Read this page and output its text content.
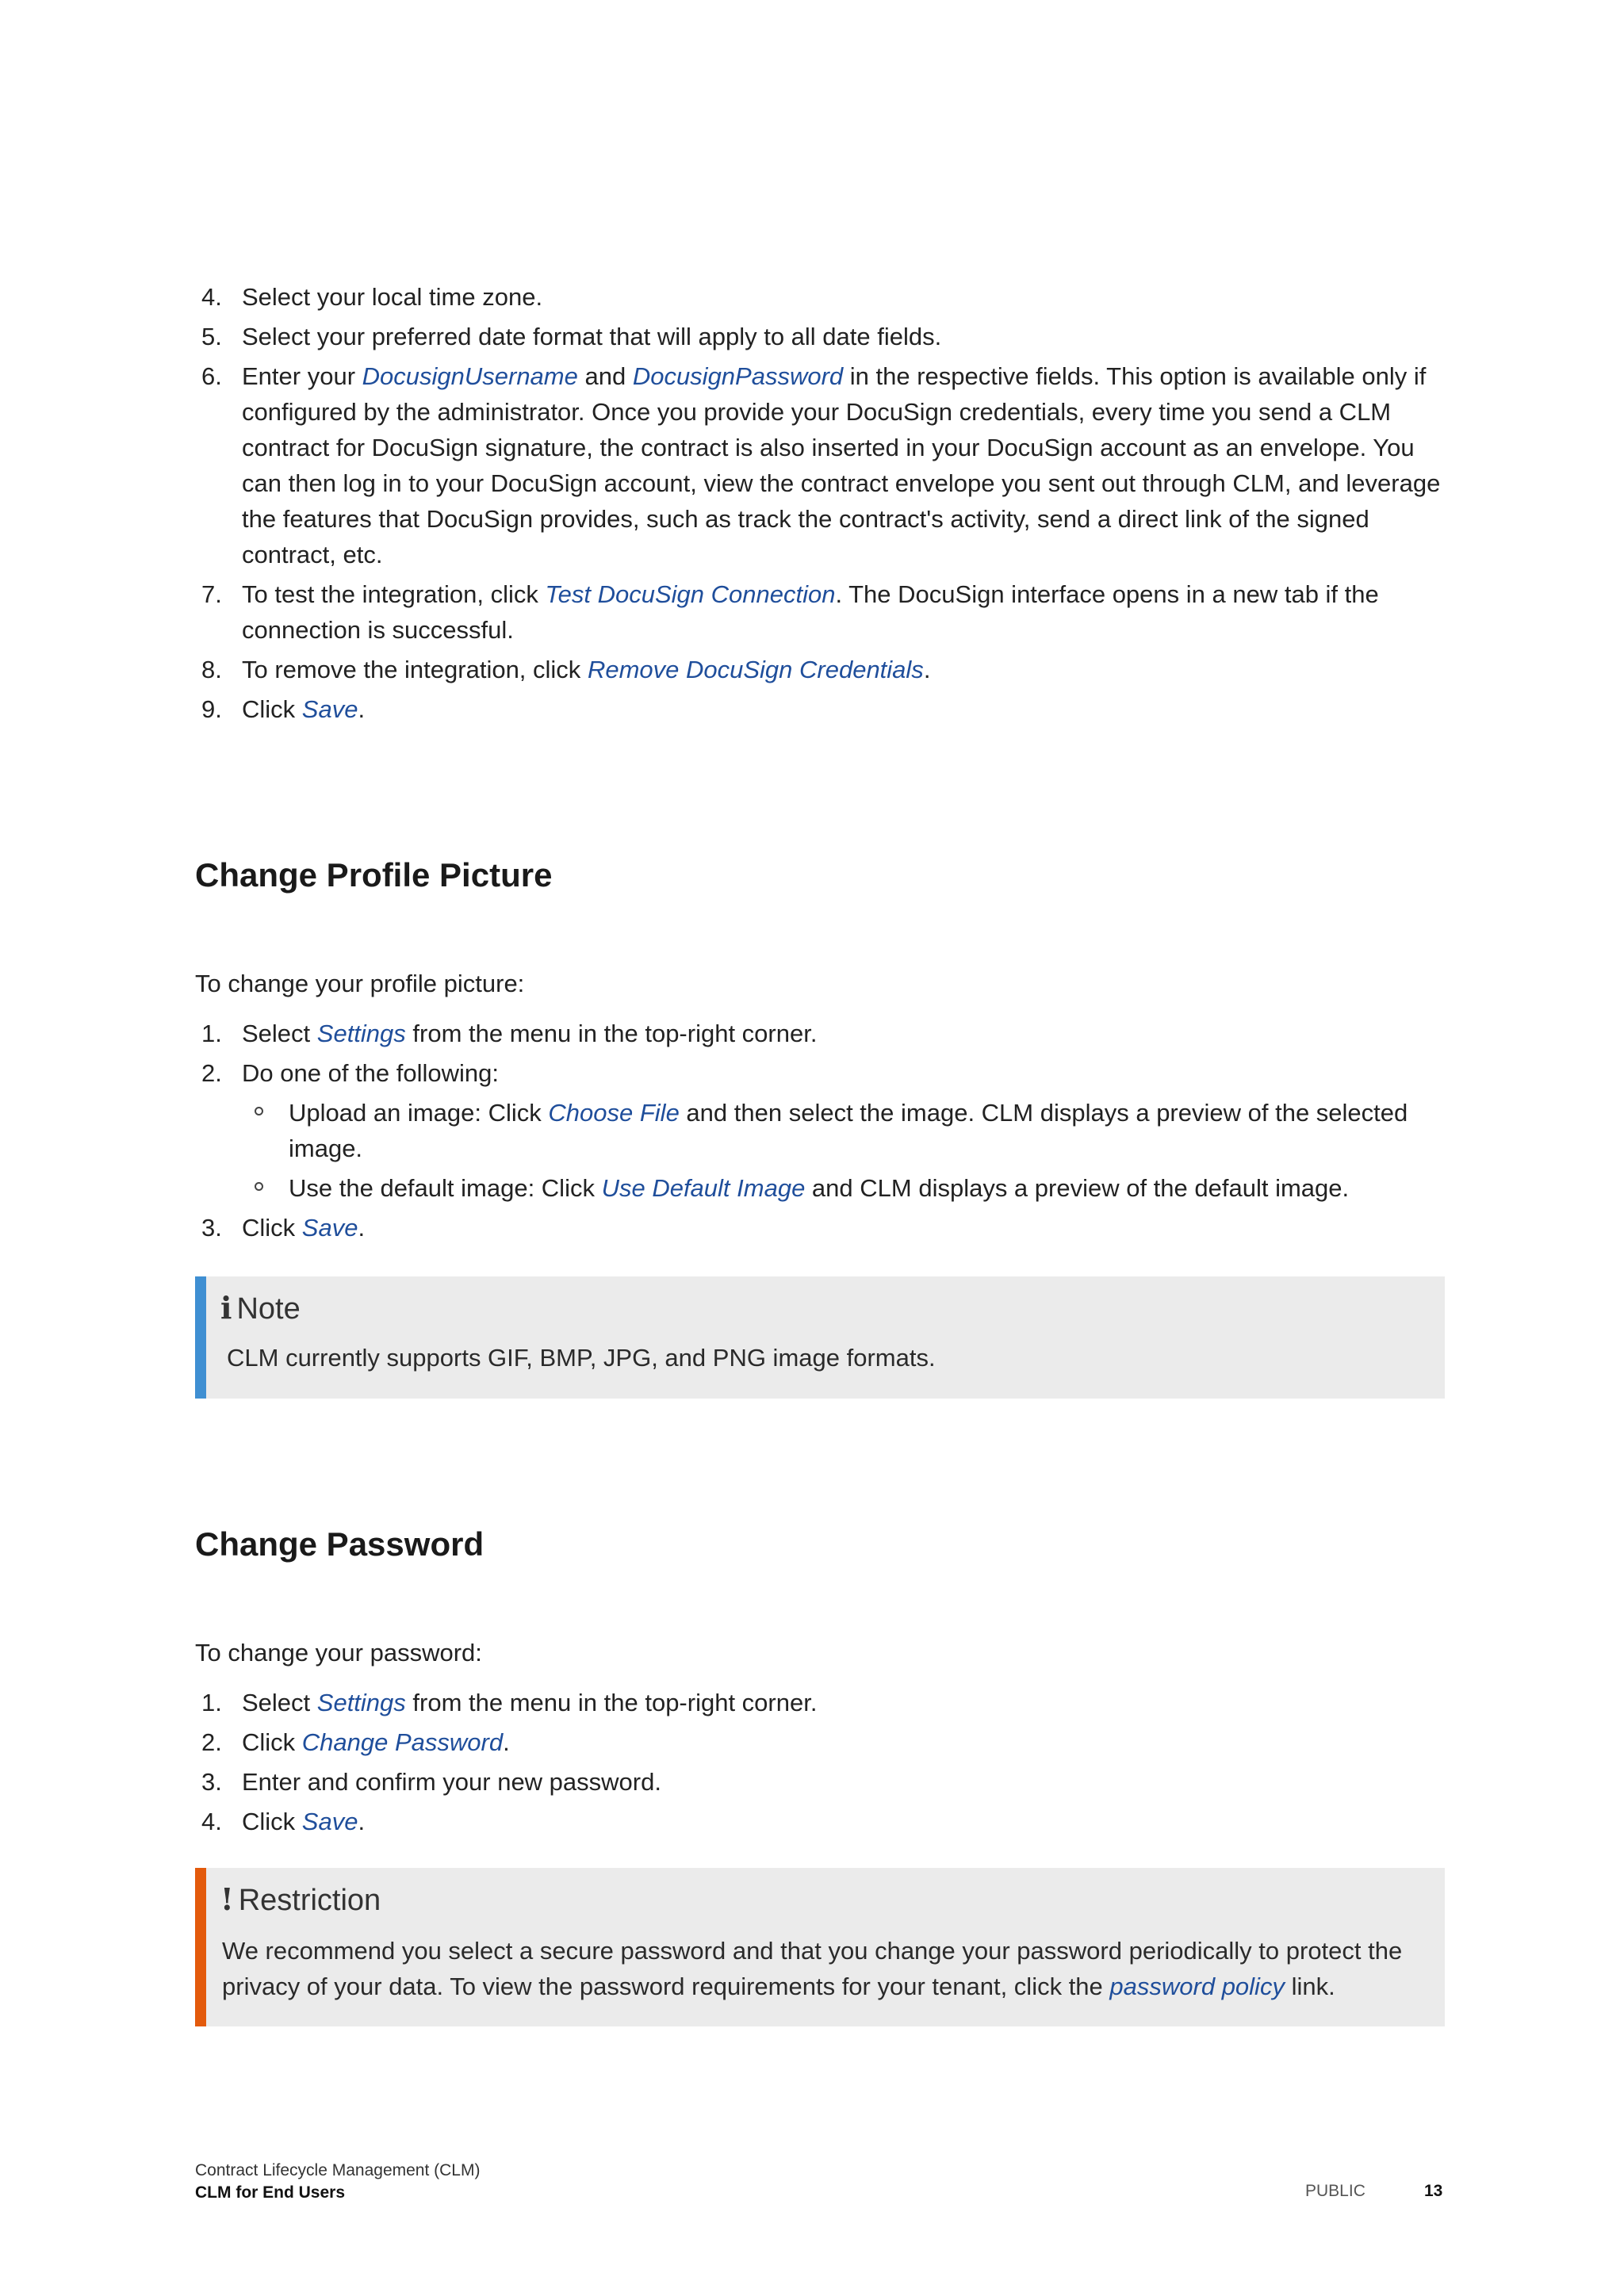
4. Select your local time zone.
5. Select your preferred date format that will apply to all date fields.
6. Enter your DocusignUsername and DocusignPassword in the respective fields. This option is available only if configured by the administrator. Once you provide your DocuSign credentials, every time you send a CLM contract for DocuSign signature, the contract is also inserted in your DocuSign account as an envelope. You can then log in to your DocuSign account, view the contract envelope you sent out through CLM, and leverage the features that DocuSign provides, such as track the contract's activity, send a direct link of the signed contract, etc.
7. To test the integration, click Test DocuSign Connection. The DocuSign interface opens in a new tab if the connection is successful.
8. To remove the integration, click Remove DocuSign Credentials.
9. Click Save.
Change Profile Picture
To change your profile picture:
1. Select Settings from the menu in the top-right corner.
2. Do one of the following:
Upload an image: Click Choose File and then select the image. CLM displays a preview of the selected image.
Use the default image: Click Use Default Image and CLM displays a preview of the default image.
3. Click Save.
i Note
CLM currently supports GIF, BMP, JPG, and PNG image formats.
Change Password
To change your password:
1. Select Settings from the menu in the top-right corner.
2. Click Change Password.
3. Enter and confirm your new password.
4. Click Save.
! Restriction
We recommend you select a secure password and that you change your password periodically to protect the privacy of your data. To view the password requirements for your tenant, click the password policy link.
Contract Lifecycle Management (CLM)
CLM for End Users	PUBLIC	13
